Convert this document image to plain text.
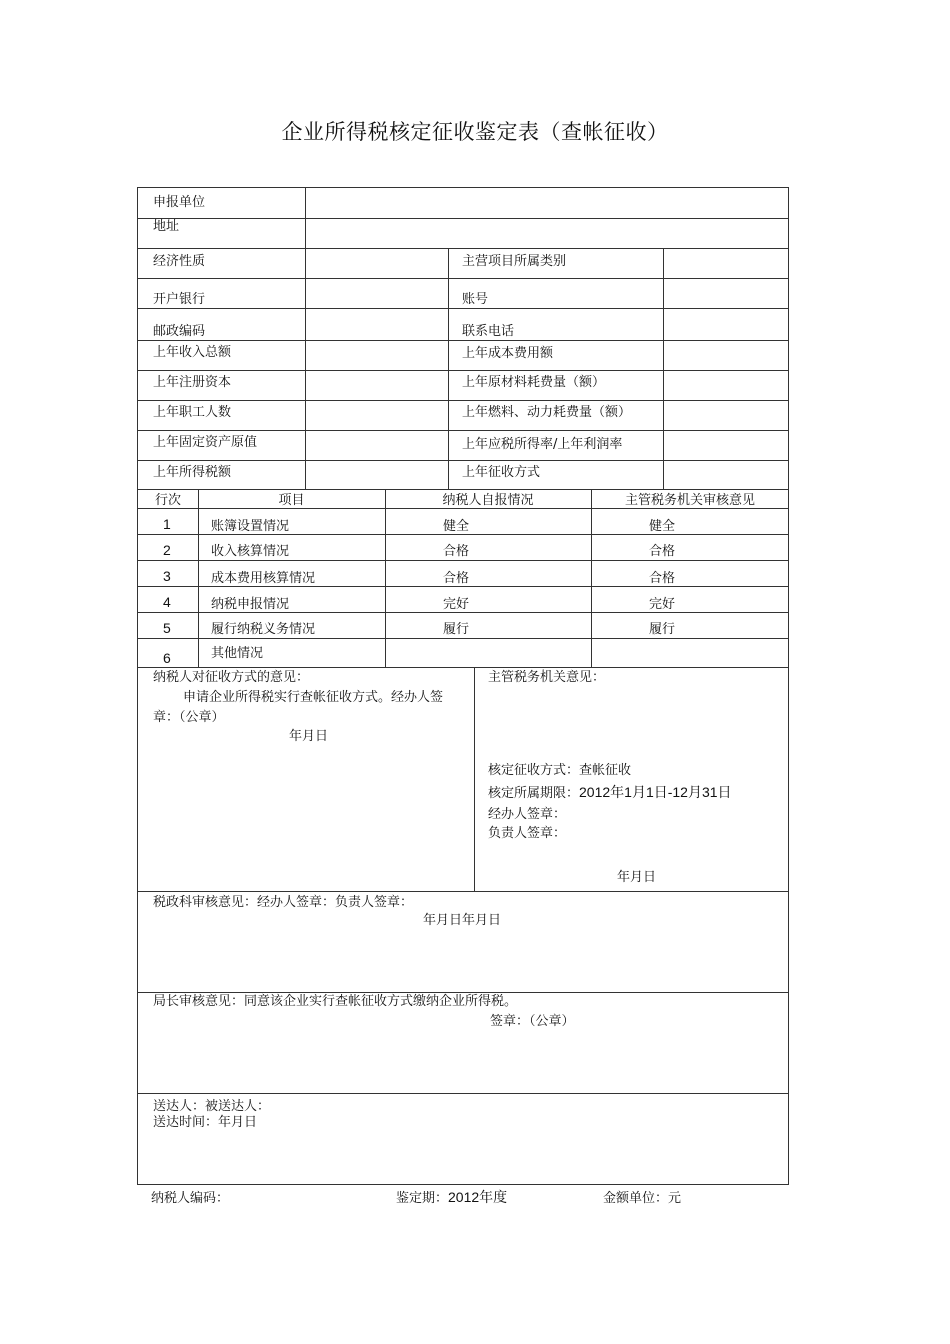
企业所得税核定征收鉴定表（查帐征收）
申报单位
地址
经济性质	主营项目所属类别
开户银行	账号
邮政编码	联系电话
上年收入总额	上年成本费用额
上年注册资本	上年原材料耗费量（额）
上年职工人数	上年燃料、动力耗费量（额）
上年固定资产原值	上年应税所得率/上年利润率
上年所得税额	上年征收方式
行次	项目	纳税人自报情况	主管税务机关审核意见
1	账簿设置情况	健全	健全
2	收入核算情况	合格	合格
3	成本费用核算情况	合格	合格
4	纳税申报情况	完好	完好
5	履行纳税义务情况	履行	履行
6	其他情况
纳税人对征收方式的意见：
申请企业所得税实行查帐征收方式。经办人签
章：（公章）
年月日
主管税务机关意见：
核定征收方式：查帐征收
核定所属期限：2012年1月1日-12月31日
经办人签章：
负责人签章：
年月日
税政科审核意见：经办人签章：负责人签章：
年月日年月日
局长审核意见：同意该企业实行查帐征收方式缴纳企业所得税。
签章：（公章）
送达人：被送达人：
送达时间：年月日
纳税人编码：	鉴定期：2012年度	金额单位：元
